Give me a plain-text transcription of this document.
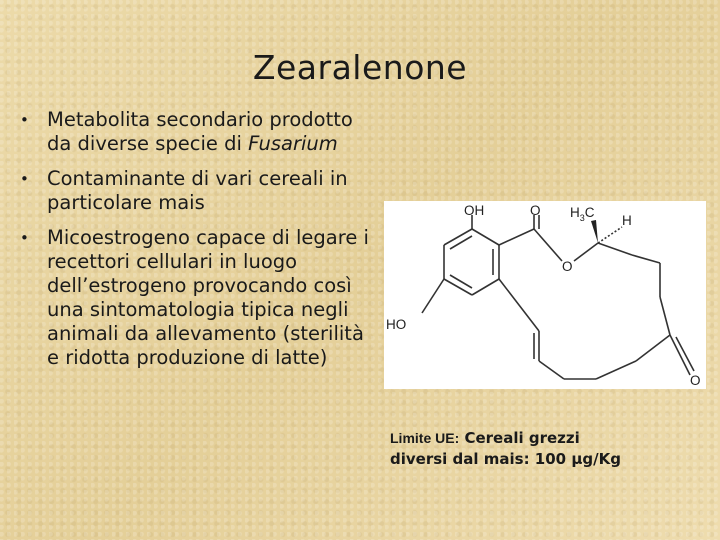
Zearalenone
• Metabolita secondario prodotto da diverse specie di Fusarium
• Contaminante di vari cereali in particolare mais
• Micoestrogeno capace di legare i recettori cellulari in luogo dell’estrogeno provocando così una sintomatologia tipica negli animali da allevamento (sterilità e ridotta produzione di latte)
OH	O $H_3C$
H
O
HO
O
Limite UE: Cereali grezzi
diversi dal mais: 100 µg/Kg
